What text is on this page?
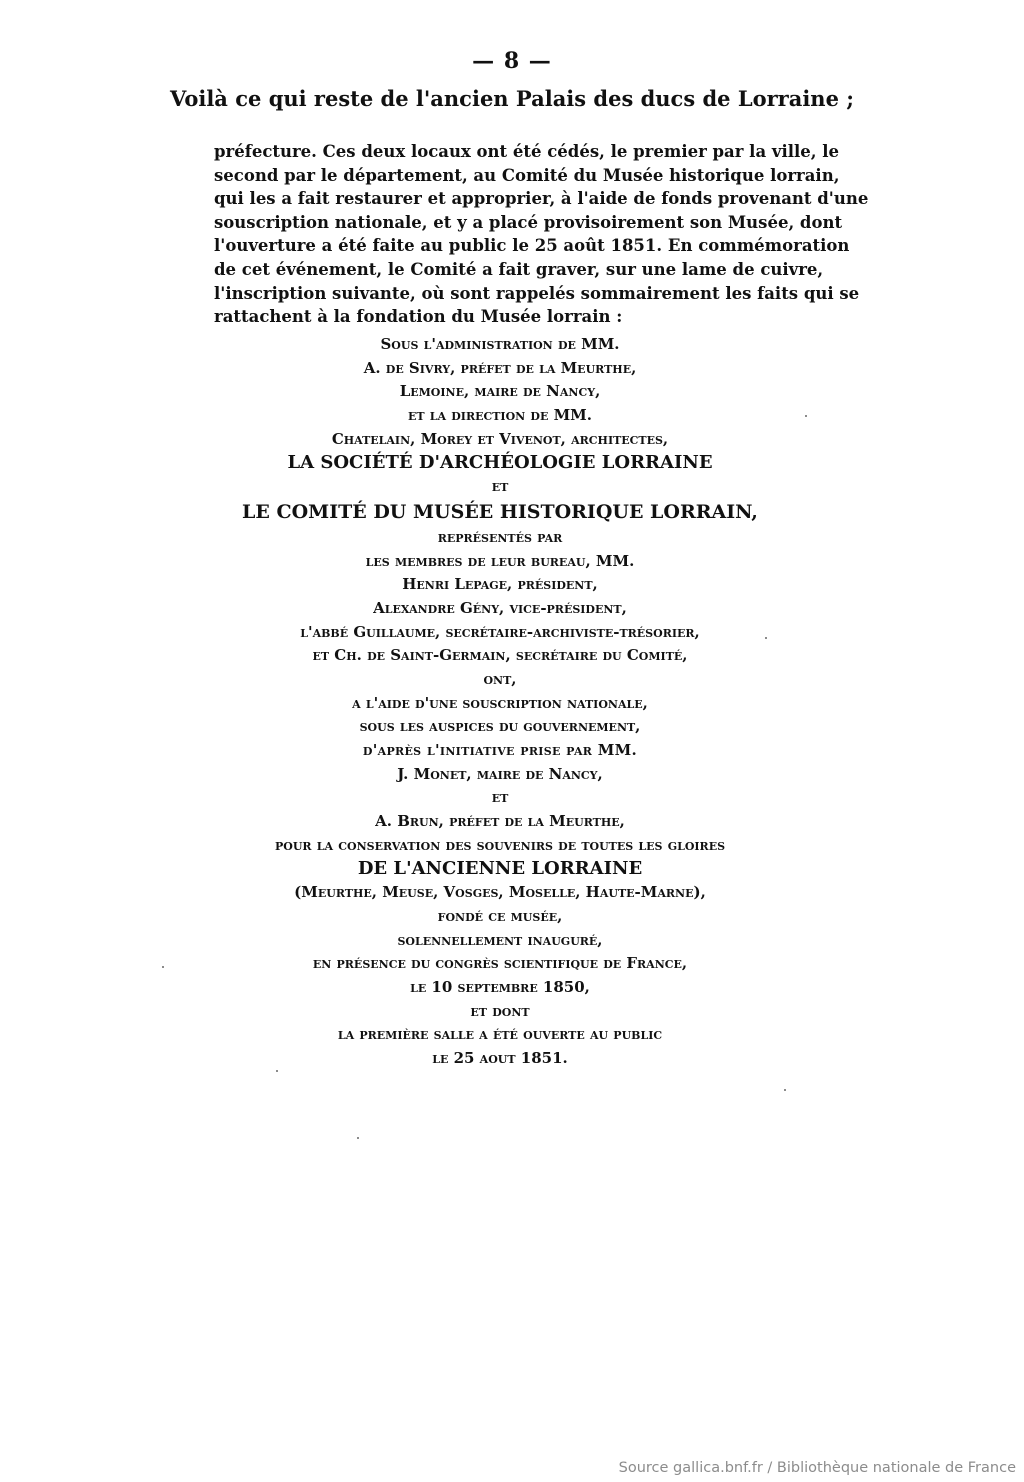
— 8 —
Voilà ce qui reste de l'ancien Palais des ducs de Lorraine ;
préfecture. Ces deux locaux ont été cédés, le premier par la ville, le
second par le département, au Comité du Musée historique lorrain,
qui les a fait restaurer et approprier, à l'aide de fonds provenant d'une
souscription nationale, et y a placé provisoirement son Musée, dont
l'ouverture a été faite au public le 25 août 1851. En commémoration
de cet événement, le Comité a fait graver, sur une lame de cuivre,
l'inscription suivante, où sont rappelés sommairement les faits qui se
rattachent à la fondation du Musée lorrain :
Sous l'administration de MM.
A. de Sivry, préfet de la Meurthe,
Lemoine, maire de Nancy,
et la direction de MM.
Chatelain, Morey et Vivenot, architectes,
LA SOCIÉTÉ D'ARCHÉOLOGIE LORRAINE
et
LE COMITÉ DU MUSÉE HISTORIQUE LORRAIN,
représentés par
les membres de leur bureau, MM.
Henri Lepage, président,
Alexandre Gény, vice-président,
l'abbé Guillaume, secrétaire-archiviste-trésorier,
et Ch. de Saint-Germain, secrétaire du Comité,
ont,
a l'aide d'une souscription nationale,
sous les auspices du gouvernement,
d'après l'initiative prise par MM.
J. Monet, maire de Nancy,
et
A. Brun, préfet de la Meurthe,
pour la conservation des souvenirs de toutes les gloires
DE L'ANCIENNE LORRAINE
(Meurthe, Meuse, Vosges, Moselle, Haute-Marne),
fondé ce musée,
solennellement inauguré,
en présence du congrès scientifique de France,
le 10 septembre 1850,
et dont
la première salle a été ouverte au public
le 25 aout 1851.
Source gallica.bnf.fr / Bibliothèque nationale de France
